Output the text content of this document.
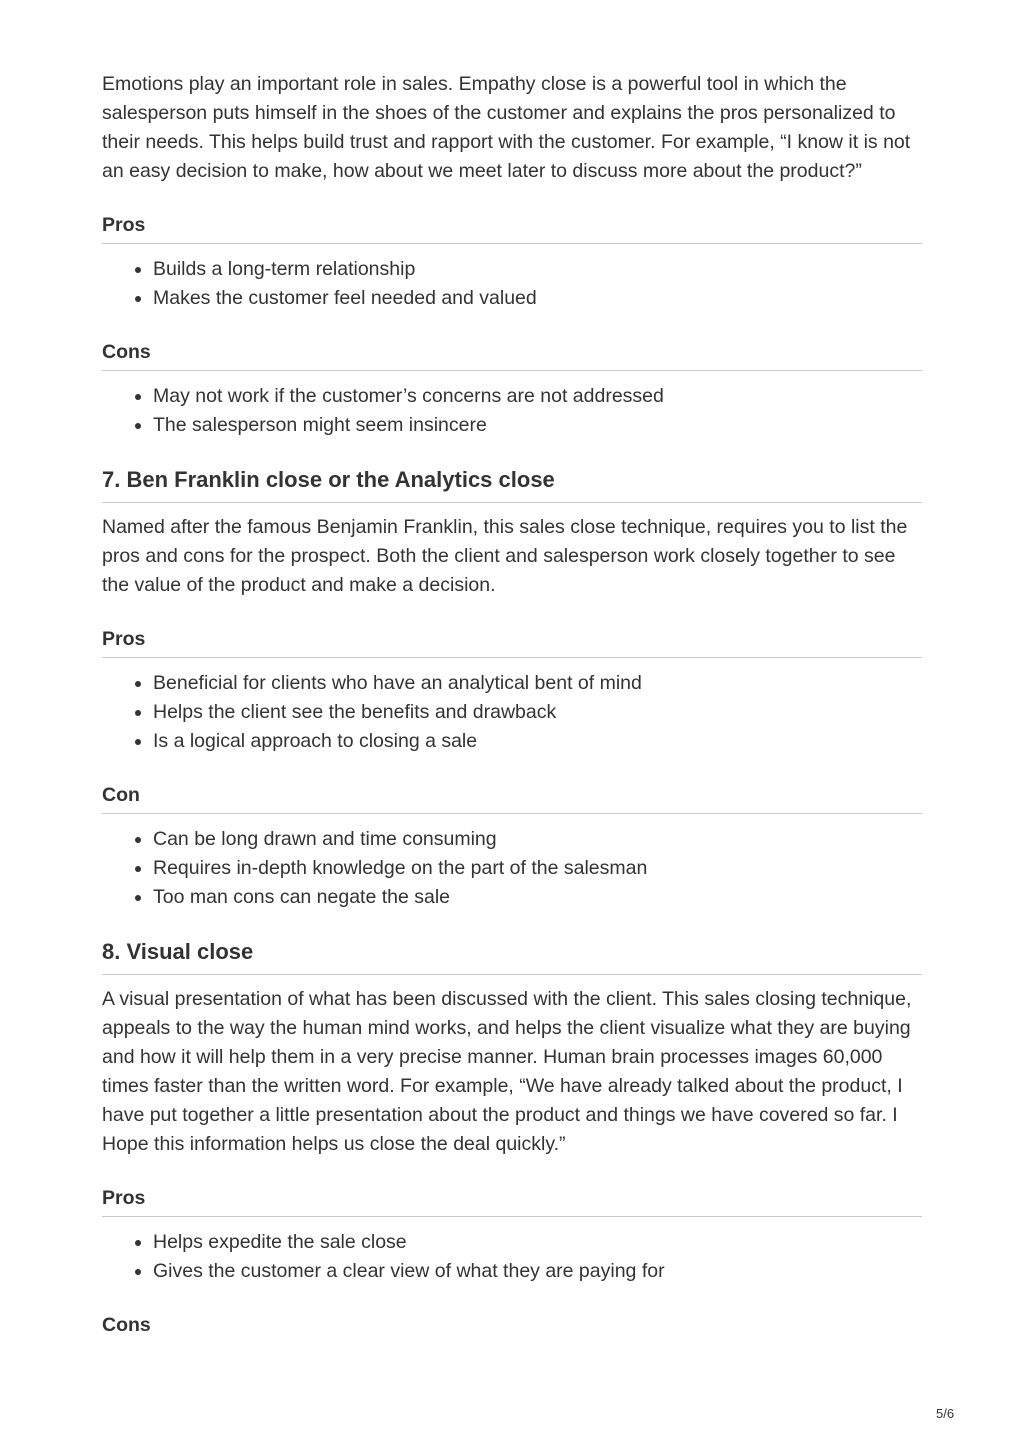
Emotions play an important role in sales. Empathy close is a powerful tool in which the salesperson puts himself in the shoes of the customer and explains the pros personalized to their needs. This helps build trust and rapport with the customer. For example, “I know it is not an easy decision to make, how about we meet later to discuss more about the product?”

Pros
• Builds a long-term relationship
• Makes the customer feel needed and valued
Cons
• May not work if the customer’s concerns are not addressed
• The salesperson might seem insincere
7. Ben Franklin close or the Analytics close

Named after the famous Benjamin Franklin, this sales close technique, requires you to list the pros and cons for the prospect. Both the client and salesperson work closely together to see the value of the product and make a decision.

Pros
• Beneficial for clients who have an analytical bent of mind
• Helps the client see the benefits and drawback
• Is a logical approach to closing a sale
Con
• Can be long drawn and time consuming
• Requires in-depth knowledge on the part of the salesman
• Too man cons can negate the sale
8. Visual close

A visual presentation of what has been discussed with the client. This sales closing technique, appeals to the way the human mind works, and helps the client visualize what they are buying and how it will help them in a very precise manner. Human brain processes images 60,000 times faster than the written word. For example, “We have already talked about the product, I have put together a little presentation about the product and things we have covered so far. I Hope this information helps us close the deal quickly.”

Pros
• Helps expedite the sale close
• Gives the customer a clear view of what they are paying for
Cons
5/6
